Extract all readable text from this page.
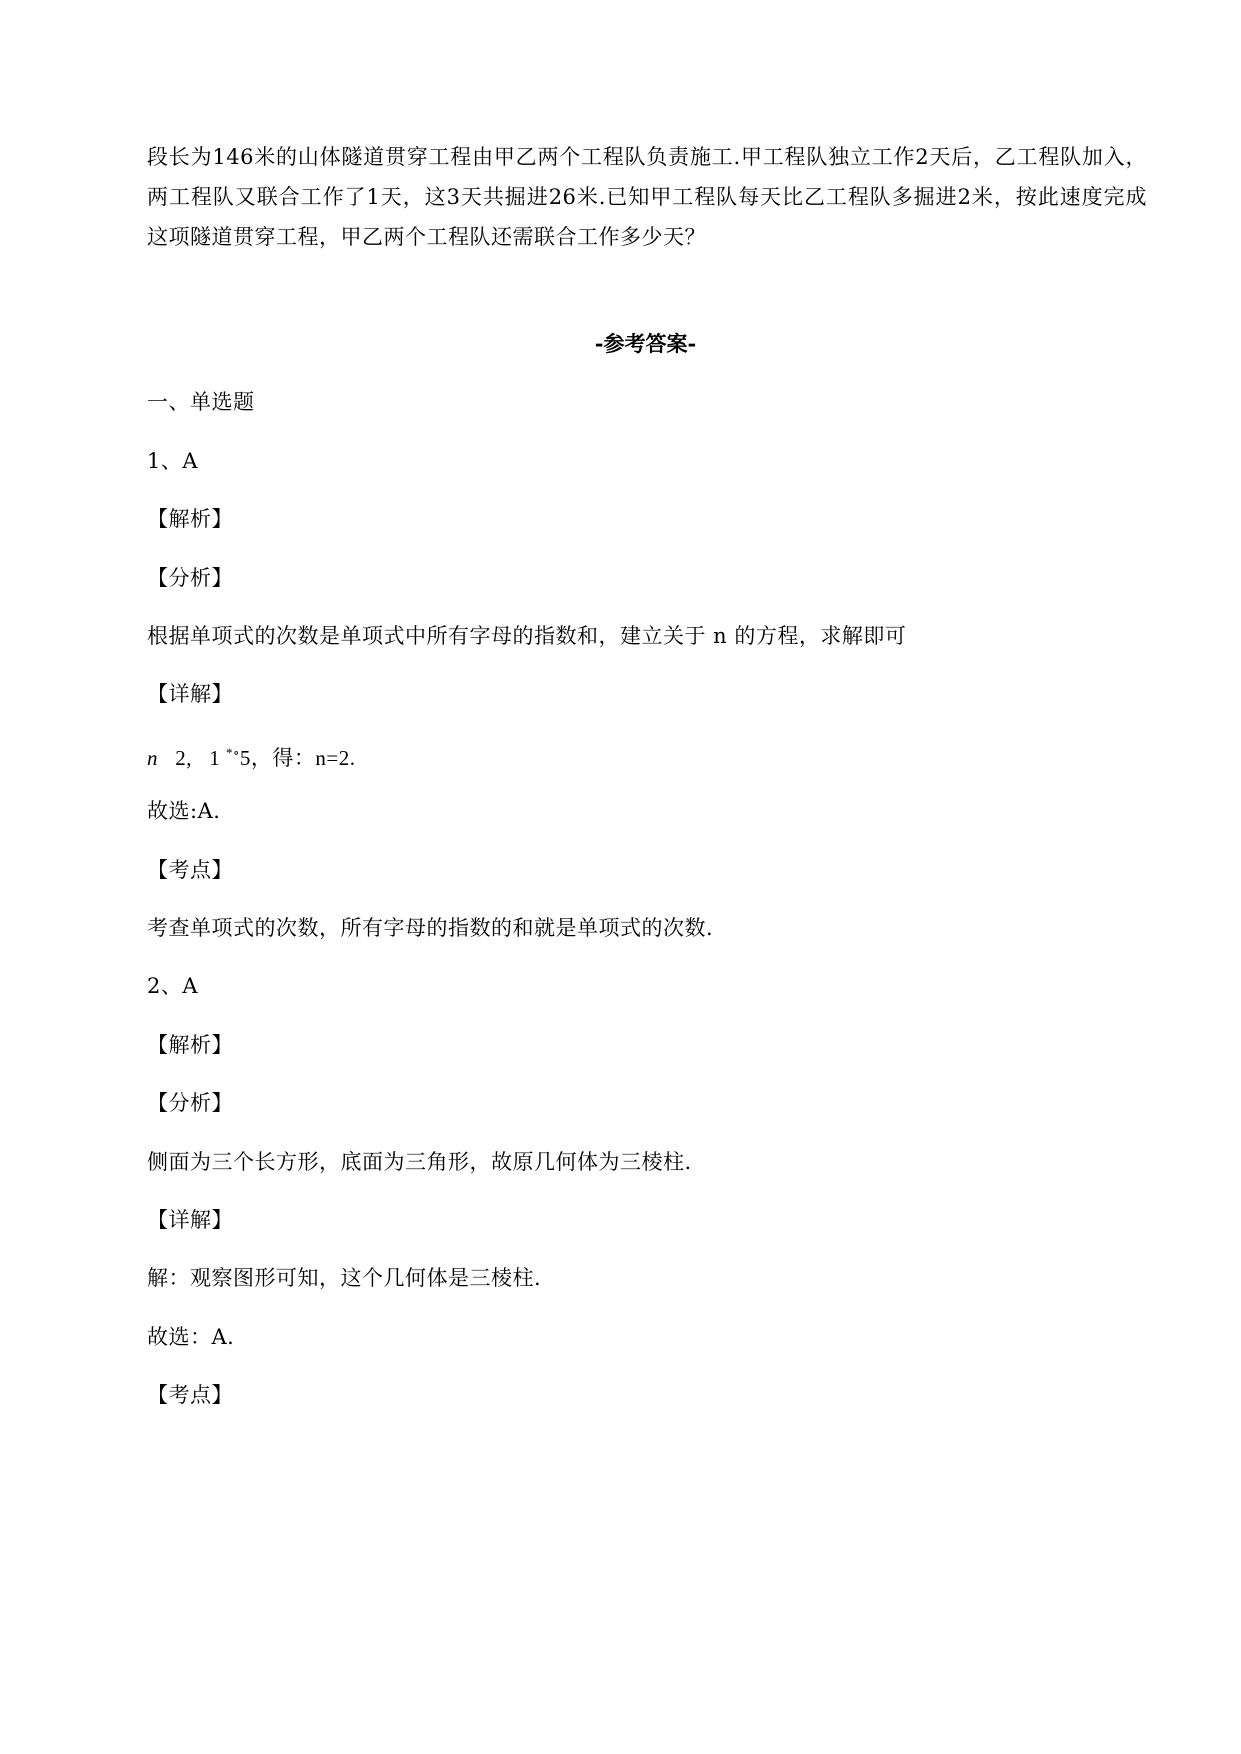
段长为146米的山体隧道贯穿工程由甲乙两个工程队负责施工.甲工程队独立工作2天后，乙工程队加入，两工程队又联合工作了1天，这3天共掘进26米.已知甲工程队每天比乙工程队多掘进2米，按此速度完成这项隧道贯穿工程，甲乙两个工程队还需联合工作多少天？
-参考答案-
一、单选题
1、A
【解析】
【分析】
根据单项式的次数是单项式中所有字母的指数和，建立关于 n 的方程，求解即可
【详解】
n 2, 1 *∘5，得：n=2.
故选:A.
【考点】
考查单项式的次数，所有字母的指数的和就是单项式的次数.
2、A
【解析】
【分析】
侧面为三个长方形，底面为三角形，故原几何体为三棱柱.
【详解】
解：观察图形可知，这个几何体是三棱柱.
故选：A.
【考点】
